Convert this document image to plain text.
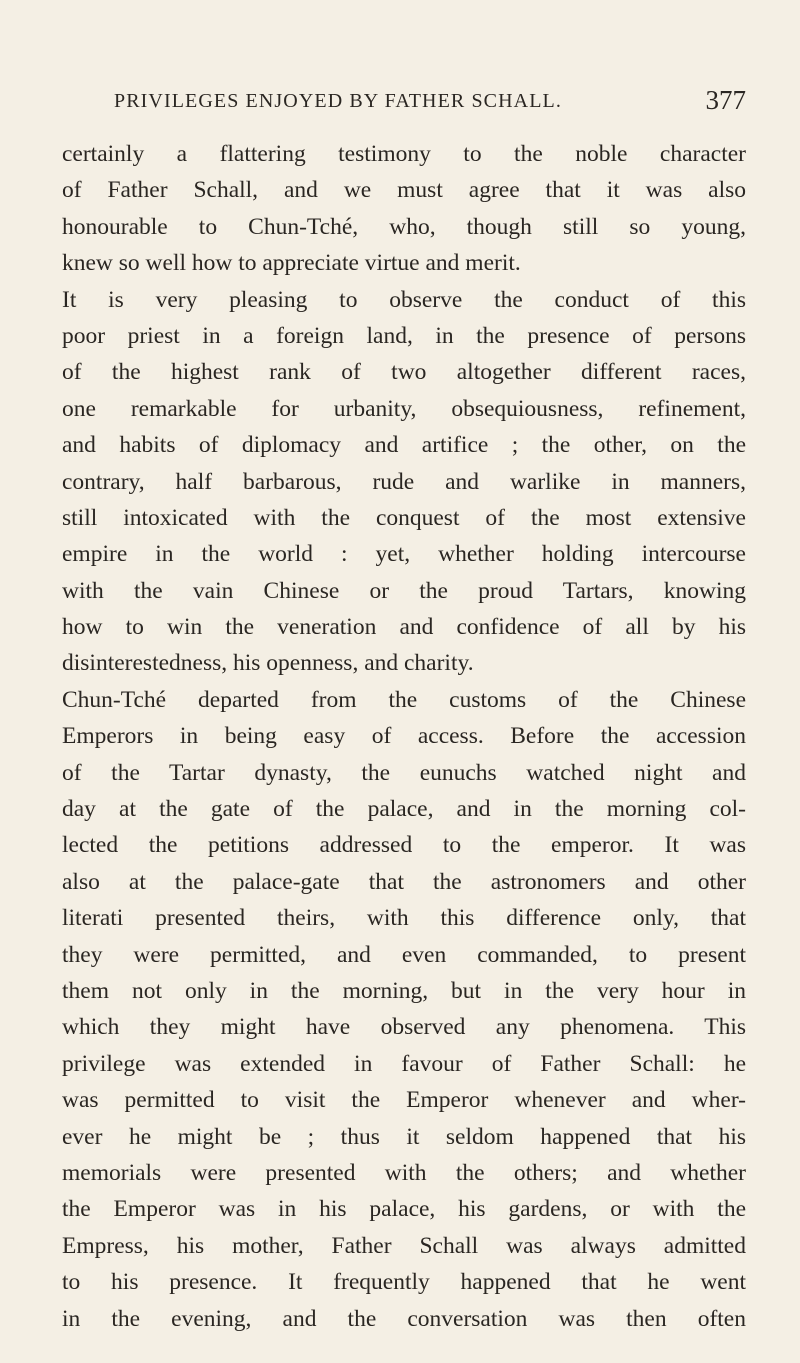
PRIVILEGES ENJOYED BY FATHER SCHALL.	377
certainly a flattering testimony to the noble character
of Father Schall, and we must agree that it was also
honourable to Chun-Tché, who, though still so young,
knew so well how to appreciate virtue and merit.
It is very pleasing to observe the conduct of this
poor priest in a foreign land, in the presence of persons
of the highest rank of two altogether different races,
one remarkable for urbanity, obsequiousness, refinement,
and habits of diplomacy and artifice ; the other, on the
contrary, half barbarous, rude and warlike in manners,
still intoxicated with the conquest of the most extensive
empire in the world : yet, whether holding intercourse
with the vain Chinese or the proud Tartars, knowing
how to win the veneration and confidence of all by his
disinterestedness, his openness, and charity.
Chun-Tché departed from the customs of the Chinese
Emperors in being easy of access. Before the accession
of the Tartar dynasty, the eunuchs watched night and
day at the gate of the palace, and in the morning col-
lected the petitions addressed to the emperor. It was
also at the palace-gate that the astronomers and other
literati presented theirs, with this difference only, that
they were permitted, and even commanded, to present
them not only in the morning, but in the very hour in
which they might have observed any phenomena. This
privilege was extended in favour of Father Schall: he
was permitted to visit the Emperor whenever and wher-
ever he might be ; thus it seldom happened that his
memorials were presented with the others; and whether
the Emperor was in his palace, his gardens, or with the
Empress, his mother, Father Schall was always admitted
to his presence. It frequently happened that he went
in the evening, and the conversation was then often
